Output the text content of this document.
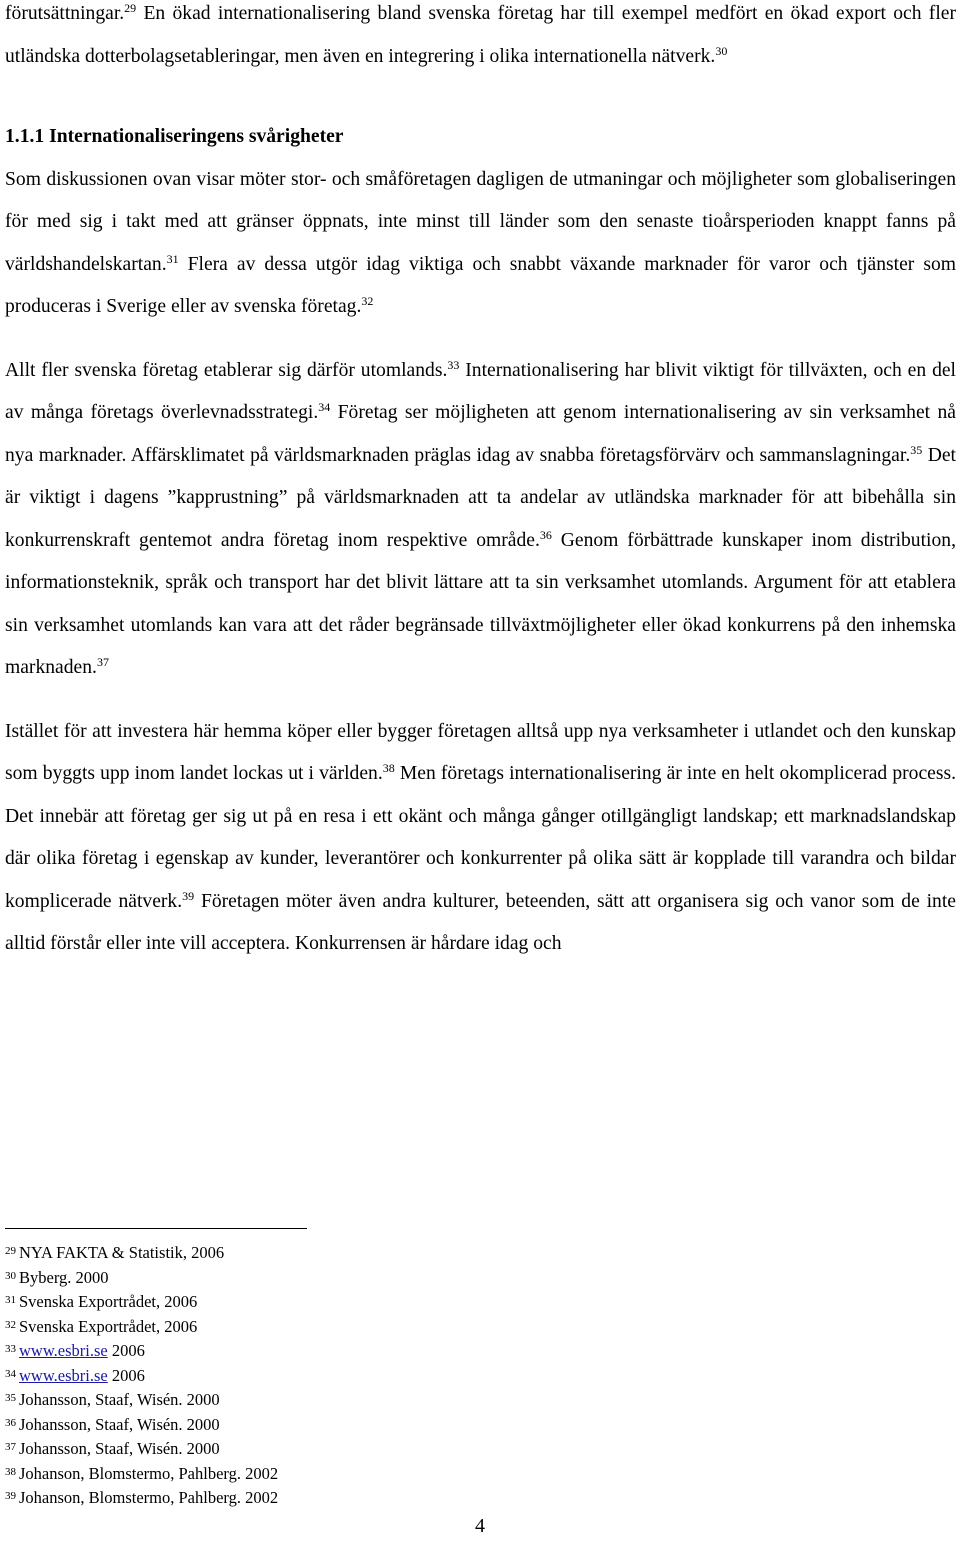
förutsättningar.$^{29}$ En ökad internationalisering bland svenska företag har till exempel medfört en ökad export och fler utländska dotterbolagsetableringar, men även en integrering i olika internationella nätverk.$^{30}$

1.1.1 Internationaliseringens svårigheter

Som diskussionen ovan visar möter stor- och småföretagen dagligen de utmaningar och möjligheter som globaliseringen för med sig i takt med att gränser öppnats, inte minst till länder som den senaste tioårsperioden knappt fanns på världshandelskartan.$^{31}$ Flera av dessa utgör idag viktiga och snabbt växande marknader för varor och tjänster som produceras i Sverige eller av svenska företag.$^{32}$

Allt fler svenska företag etablerar sig därför utomlands.$^{33}$ Internationalisering har blivit viktigt för tillväxten, och en del av många företags överlevnadsstrategi.$^{34}$ Företag ser möjligheten att genom internationalisering av sin verksamhet nå nya marknader. Affärsklimatet på världsmarknaden präglas idag av snabba företagsförvärv och sammanslagningar.$^{35}$ Det är viktigt i dagens ”kapprustning” på världsmarknaden att ta andelar av utländska marknader för att bibehålla sin konkurrenskraft gentemot andra företag inom respektive område.$^{36}$ Genom förbättrade kunskaper inom distribution, informationsteknik, språk och transport har det blivit lättare att ta sin verksamhet utomlands. Argument för att etablera sin verksamhet utomlands kan vara att det råder begränsade tillväxtmöjligheter eller ökad konkurrens på den inhemska marknaden.$^{37}$

Istället för att investera här hemma köper eller bygger företagen alltså upp nya verksamheter i utlandet och den kunskap som byggts upp inom landet lockas ut i världen.$^{38}$ Men företags internationalisering är inte en helt okomplicerad process. Det innebär att företag ger sig ut på en resa i ett okänt och många gånger otillgängligt landskap; ett marknadslandskap där olika företag i egenskap av kunder, leverantörer och konkurrenter på olika sätt är kopplade till varandra och bildar komplicerade nätverk.$^{39}$ Företagen möter även andra kulturer, beteenden, sätt att organisera sig och vanor som de inte alltid förstår eller inte vill acceptera. Konkurrensen är hårdare idag och

$^{29}$ NYA FAKTA & Statistik, 2006
$^{30}$ Byberg. 2000
$^{31}$ Svenska Exportrådet, 2006
$^{32}$ Svenska Exportrådet, 2006
$^{33}$ www.esbri.se 2006
$^{34}$ www.esbri.se 2006
$^{35}$ Johansson, Staaf, Wisén. 2000
$^{36}$ Johansson, Staaf, Wisén. 2000
$^{37}$ Johansson, Staaf, Wisén. 2000
$^{38}$ Johanson, Blomstermo, Pahlberg. 2002
$^{39}$ Johanson, Blomstermo, Pahlberg. 2002
4
